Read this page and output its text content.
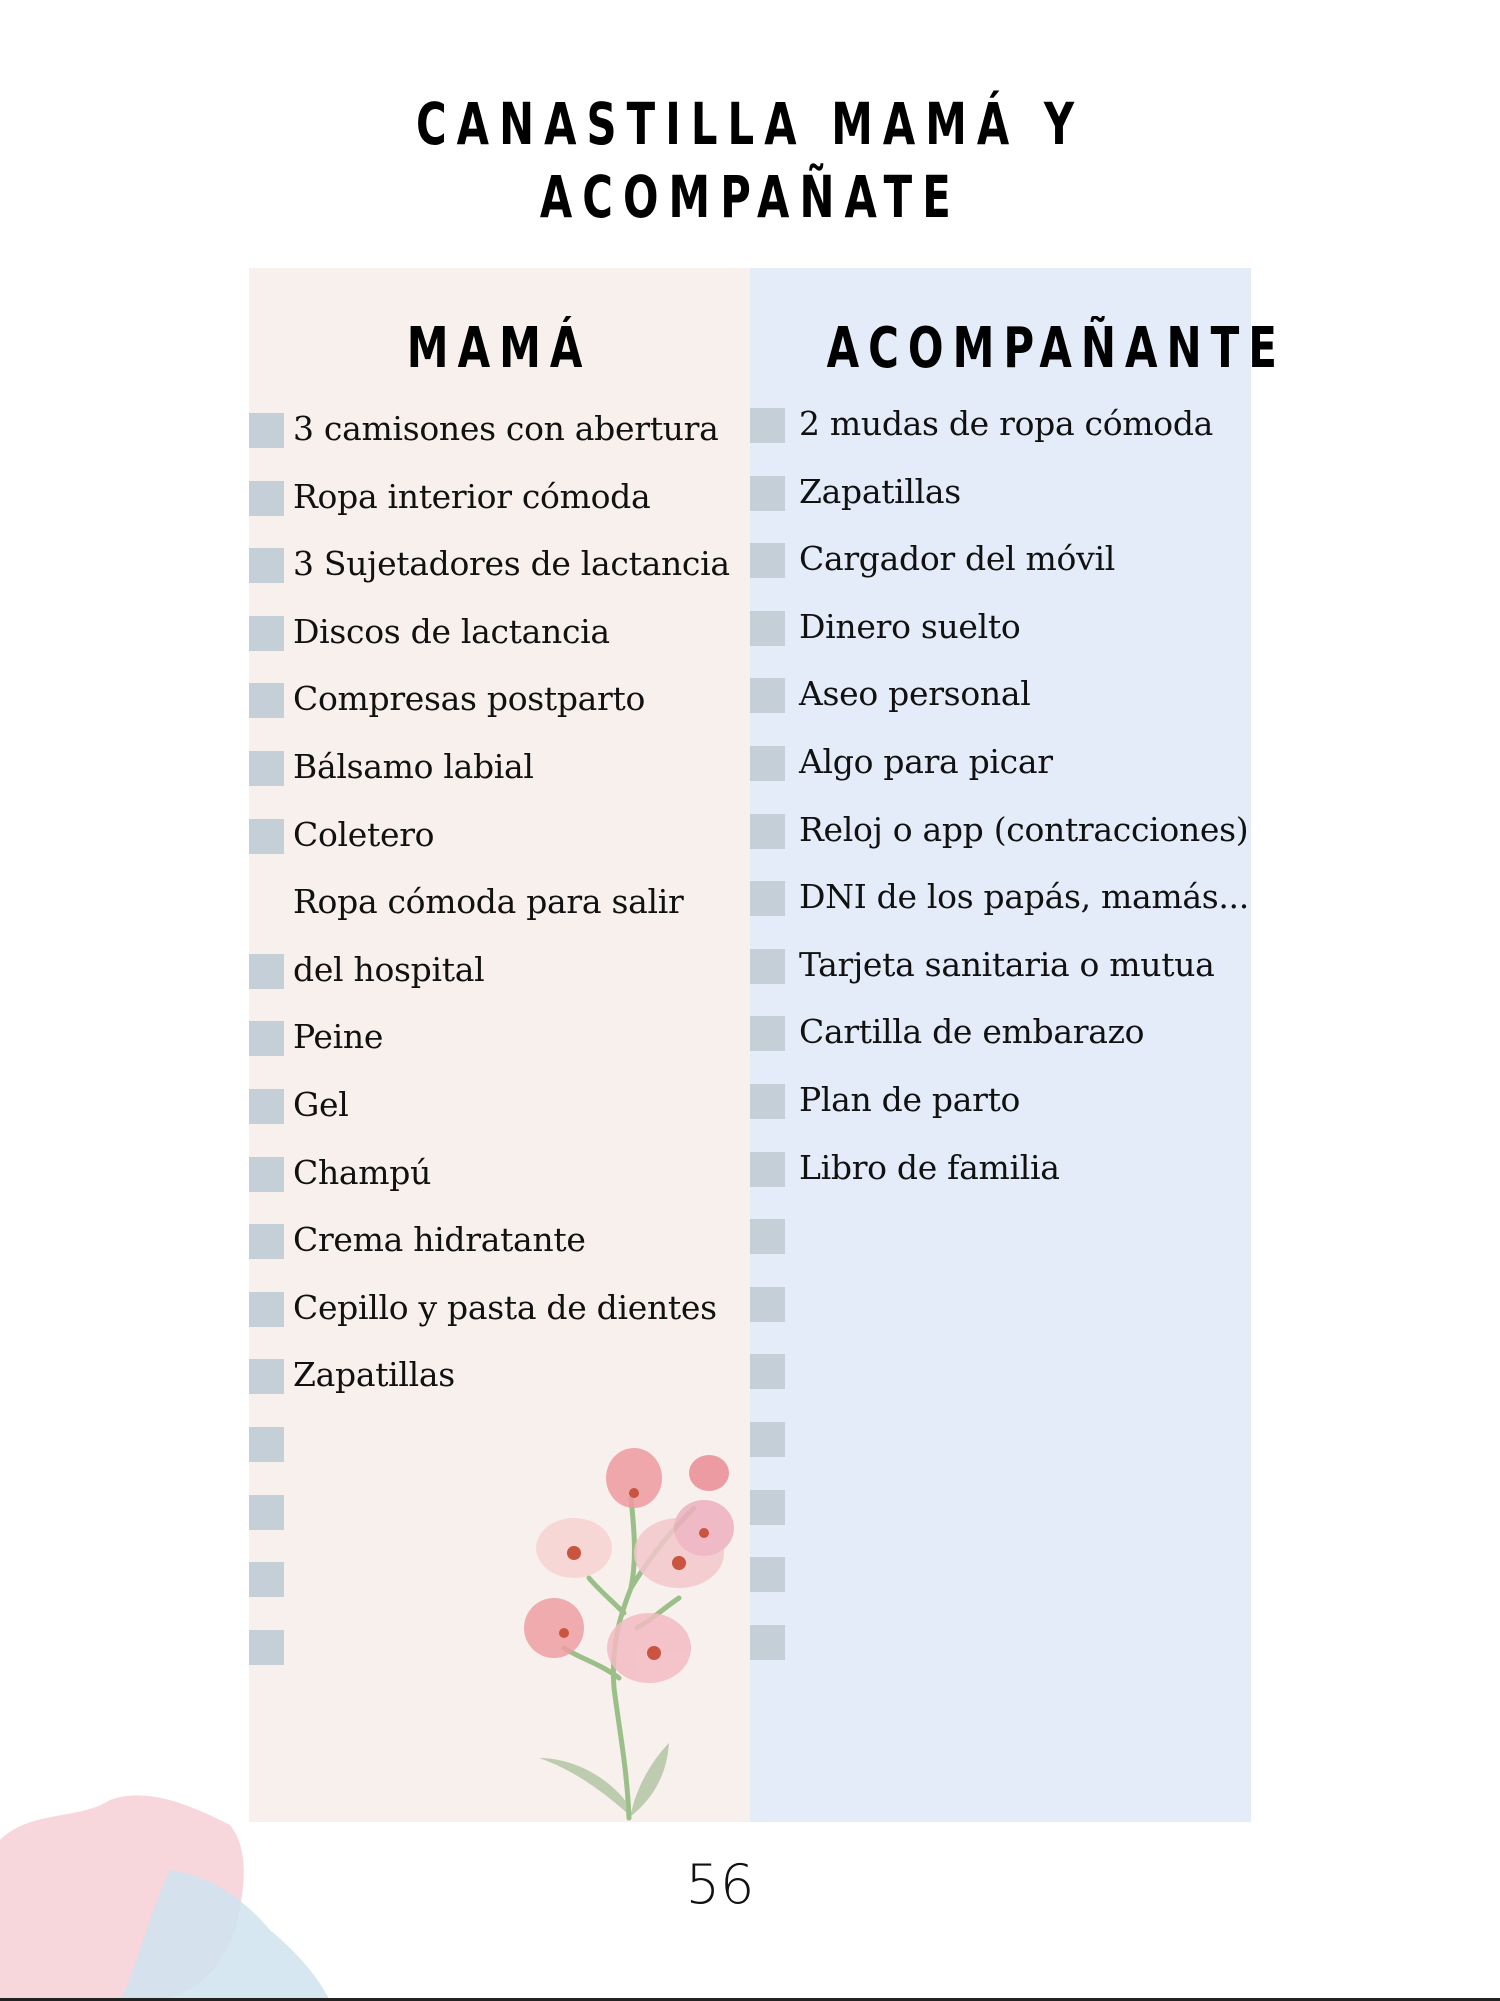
CANASTILLA MAMÁ Y
ACOMPAÑATE
MAMÁ
3 camisones con abertura
Ropa interior cómoda
3 Sujetadores de lactancia
Discos de lactancia
Compresas postparto
Bálsamo labial
Coletero
Ropa cómoda para salir
del hospital
Peine
Gel
Champú
Crema hidratante
Cepillo y pasta de dientes
Zapatillas
ACOMPAÑANTE
2 mudas de ropa cómoda
Zapatillas
Cargador del móvil
Dinero suelto
Aseo personal
Algo para picar
Reloj o app (contracciones)
DNI de los papás, mamás...
Tarjeta sanitaria o mutua
Cartilla de embarazo
Plan de parto
Libro de familia
56
